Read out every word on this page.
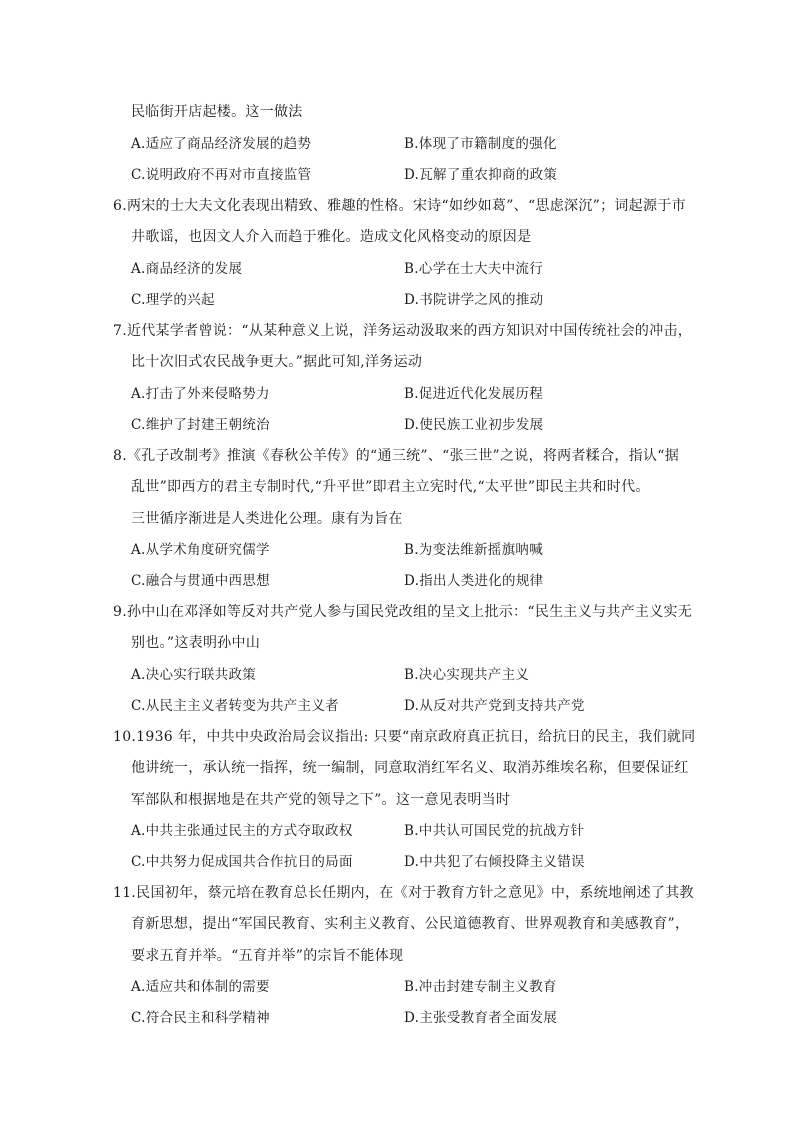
民临街开店起楼。这一做法
A.适应了商品经济发展的趋势	B.体现了市籍制度的强化
C.说明政府不再对市直接监管	D.瓦解了重农抑商的政策
6.两宋的士大夫文化表现出精致、雅趣的性格。宋诗“如纱如葛”、“思虑深沉”；词起源于市
井歌谣，也因文人介入而趋于雅化。造成文化风格变动的原因是
A.商品经济的发展	B.心学在士大夫中流行
C.理学的兴起	D.书院讲学之风的推动
7.近代某学者曾说：“从某种意义上说，洋务运动汲取来的西方知识对中国传统社会的冲击，
比十次旧式农民战争更大。”据此可知,洋务运动
A.打击了外来侵略势力	B.促进近代化发展历程
C.维护了封建王朝统治	D.使民族工业初步发展
8.《孔子改制考》推演《春秋公羊传》的“通三统”、“张三世”之说，将两者糅合，指认“据
乱世”即西方的君主专制时代,“升平世”即君主立宪时代,“太平世”即民主共和时代。
三世循序渐进是人类进化公理。康有为旨在
A.从学术角度研究儒学	B.为变法维新摇旗呐喊
C.融合与贯通中西思想	D.指出人类进化的规律
9.孙中山在邓泽如等反对共产党人参与国民党改组的呈文上批示：“民生主义与共产主义实无
别也。”这表明孙中山
A.决心实行联共政策	B.决心实现共产主义
C.从民主主义者转变为共产主义者	D.从反对共产党到支持共产党
10.1936 年，中共中央政治局会议指出: 只要“南京政府真正抗日，给抗日的民主，我们就同
他讲统一，承认统一指挥，统一编制，同意取消红军名义、取消苏维埃名称，但要保证红
军部队和根据地是在共产党的领导之下”。这一意见表明当时
A.中共主张通过民主的方式夺取政权	B.中共认可国民党的抗战方针
C.中共努力促成国共合作抗日的局面	D.中共犯了右倾投降主义错误
11.民国初年，蔡元培在教育总长任期内，在《对于教育方针之意见》中，系统地阐述了其教
育新思想，提出“军国民教育、实利主义教育、公民道德教育、世界观教育和美感教育”，
要求五育并举。“五育并举”的宗旨不能体现
A.适应共和体制的需要	B.冲击封建专制主义教育
C.符合民主和科学精神	D.主张受教育者全面发展
